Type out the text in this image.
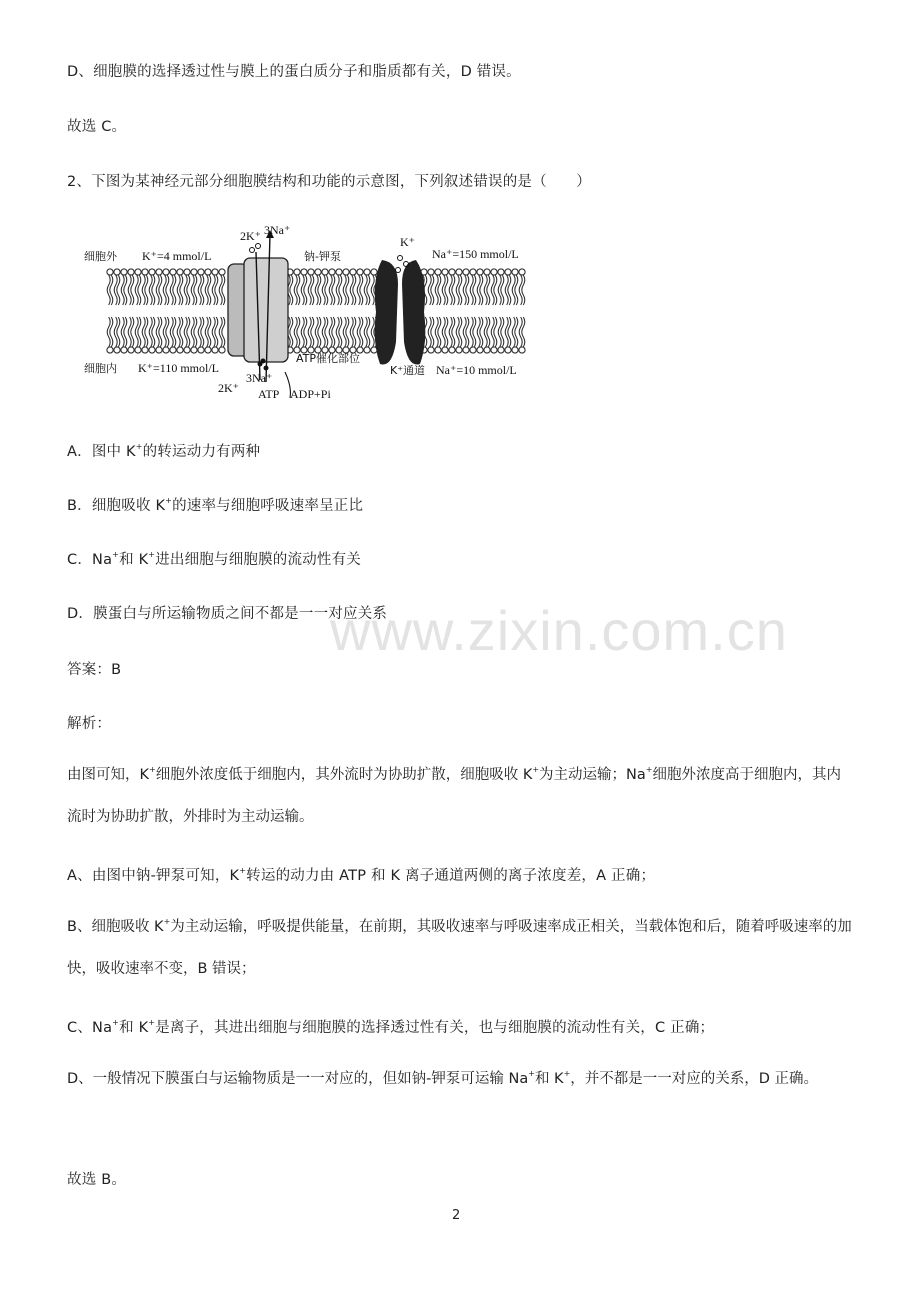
www.zixin.com.cn
D、细胞膜的选择透过性与膜上的蛋白质分子和脂质都有关，D 错误。
故选 C。
2、下图为某神经元部分细胞膜结构和功能的示意图，下列叙述错误的是（　　）
细胞外
细胞内
K⁺=4 mmol/L
K⁺=110 mmol/L
Na⁺=150 mmol/L
Na⁺=10 mmol/L
钠-钾泵
2K⁺ 3Na⁺
3Na⁺
2K⁺ ATP ADP+Pi
ATP催化部位
K⁺
K⁺通道
A．图中 K+的转运动力有两种
B．细胞吸收 K+的速率与细胞呼吸速率呈正比
C．Na+和 K+进出细胞与细胞膜的流动性有关
D．膜蛋白与所运输物质之间不都是一一对应关系
答案：B
解析：
由图可知，K+细胞外浓度低于细胞内，其外流时为协助扩散，细胞吸收 K+为主动运输；Na+细胞外浓度高于细胞内，其内流时为协助扩散，外排时为主动运输。
A、由图中钠-钾泵可知，K+转运的动力由 ATP 和 K 离子通道两侧的离子浓度差，A 正确；
B、细胞吸收 K+为主动运输，呼吸提供能量，在前期，其吸收速率与呼吸速率成正相关，当载体饱和后，随着呼吸速率的加快，吸收速率不变，B 错误；
C、Na+和 K+是离子，其进出细胞与细胞膜的选择透过性有关，也与细胞膜的流动性有关，C 正确；
D、一般情况下膜蛋白与运输物质是一一对应的，但如钠-钾泵可运输 Na+和 K+，并不都是一一对应的关系，D 正确。
故选 B。
2
